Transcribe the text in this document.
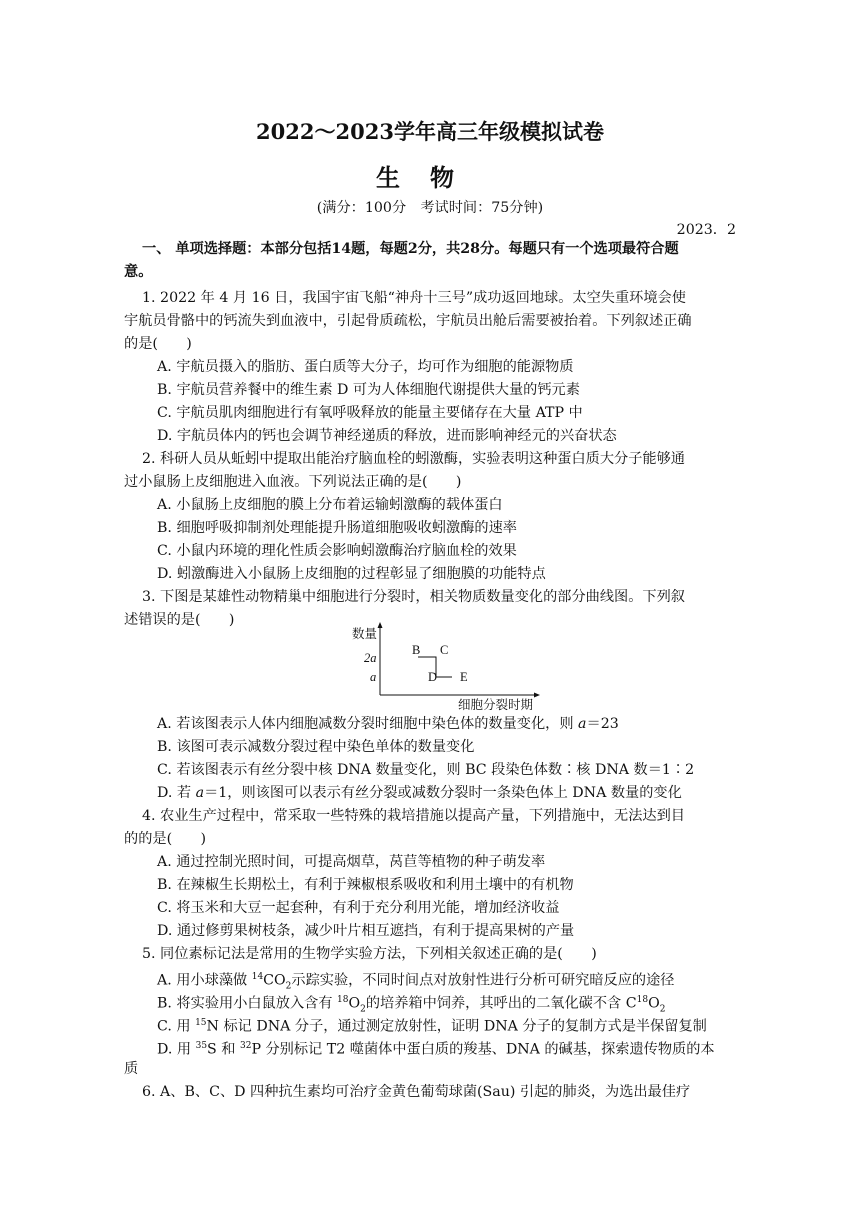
2022～2023学年高三年级模拟试卷
生物
(满分：100分　考试时间：75分钟)
2023．2
一、 单项选择题：本部分包括14题，每题2分，共28分。每题只有一个选项最符合题
意。
1. 2022 年 4 月 16 日，我国宇宙飞船“神舟十三号”成功返回地球。太空失重环境会使
宇航员骨骼中的钙流失到血液中，引起骨质疏松，宇航员出舱后需要被抬着。下列叙述正确
的是(　　)
A. 宇航员摄入的脂肪、蛋白质等大分子，均可作为细胞的能源物质
B. 宇航员营养餐中的维生素 D 可为人体细胞代谢提供大量的钙元素
C. 宇航员肌肉细胞进行有氧呼吸释放的能量主要储存在大量 ATP 中
D. 宇航员体内的钙也会调节神经递质的释放，进而影响神经元的兴奋状态
2. 科研人员从蚯蚓中提取出能治疗脑血栓的蚓激酶，实验表明这种蛋白质大分子能够通
过小鼠肠上皮细胞进入血液。下列说法正确的是(　　)
A. 小鼠肠上皮细胞的膜上分布着运输蚓激酶的载体蛋白
B. 细胞呼吸抑制剂处理能提升肠道细胞吸收蚓激酶的速率
C. 小鼠内环境的理化性质会影响蚓激酶治疗脑血栓的效果
D. 蚓激酶进入小鼠肠上皮细胞的过程彰显了细胞膜的功能特点
3. 下图是某雄性动物精巢中细胞进行分裂时，相关物质数量变化的部分曲线图。下列叙
述错误的是(　　)
数量
细胞分裂时期
2a
a
B C
D E
A. 若该图表示人体内细胞减数分裂时细胞中染色体的数量变化，则 a＝23
B. 该图可表示减数分裂过程中染色单体的数量变化
C. 若该图表示有丝分裂中核 DNA 数量变化，则 BC 段染色体数∶核 DNA 数＝1∶2
D. 若 a＝1，则该图可以表示有丝分裂或减数分裂时一条染色体上 DNA 数量的变化
4. 农业生产过程中，常采取一些特殊的栽培措施以提高产量，下列措施中，无法达到目
的的是(　　)
A. 通过控制光照时间，可提高烟草，莴苣等植物的种子萌发率
B. 在辣椒生长期松土，有利于辣椒根系吸收和利用土壤中的有机物
C. 将玉米和大豆一起套种，有利于充分利用光能，增加经济收益
D. 通过修剪果树枝条，减少叶片相互遮挡，有利于提高果树的产量
5. 同位素标记法是常用的生物学实验方法，下列相关叙述正确的是(　　)
A. 用小球藻做 $^{14}CO_2$示踪实验，不同时间点对放射性进行分析可研究暗反应的途径
B. 将实验用小白鼠放入含有 $^{18}O_2$的培养箱中饲养，其呼出的二氧化碳不含 $C^{18}O_2$
C. 用 $^{15}$N 标记 DNA 分子，通过测定放射性，证明 DNA 分子的复制方式是半保留复制
D. 用 $^{35}$S 和 $^{32}$P 分别标记 T2 噬菌体中蛋白质的羧基、DNA 的碱基，探索遗传物质的本
质
6. A、B、C、D 四种抗生素均可治疗金黄色葡萄球菌(Sau) 引起的肺炎，为选出最佳疗
